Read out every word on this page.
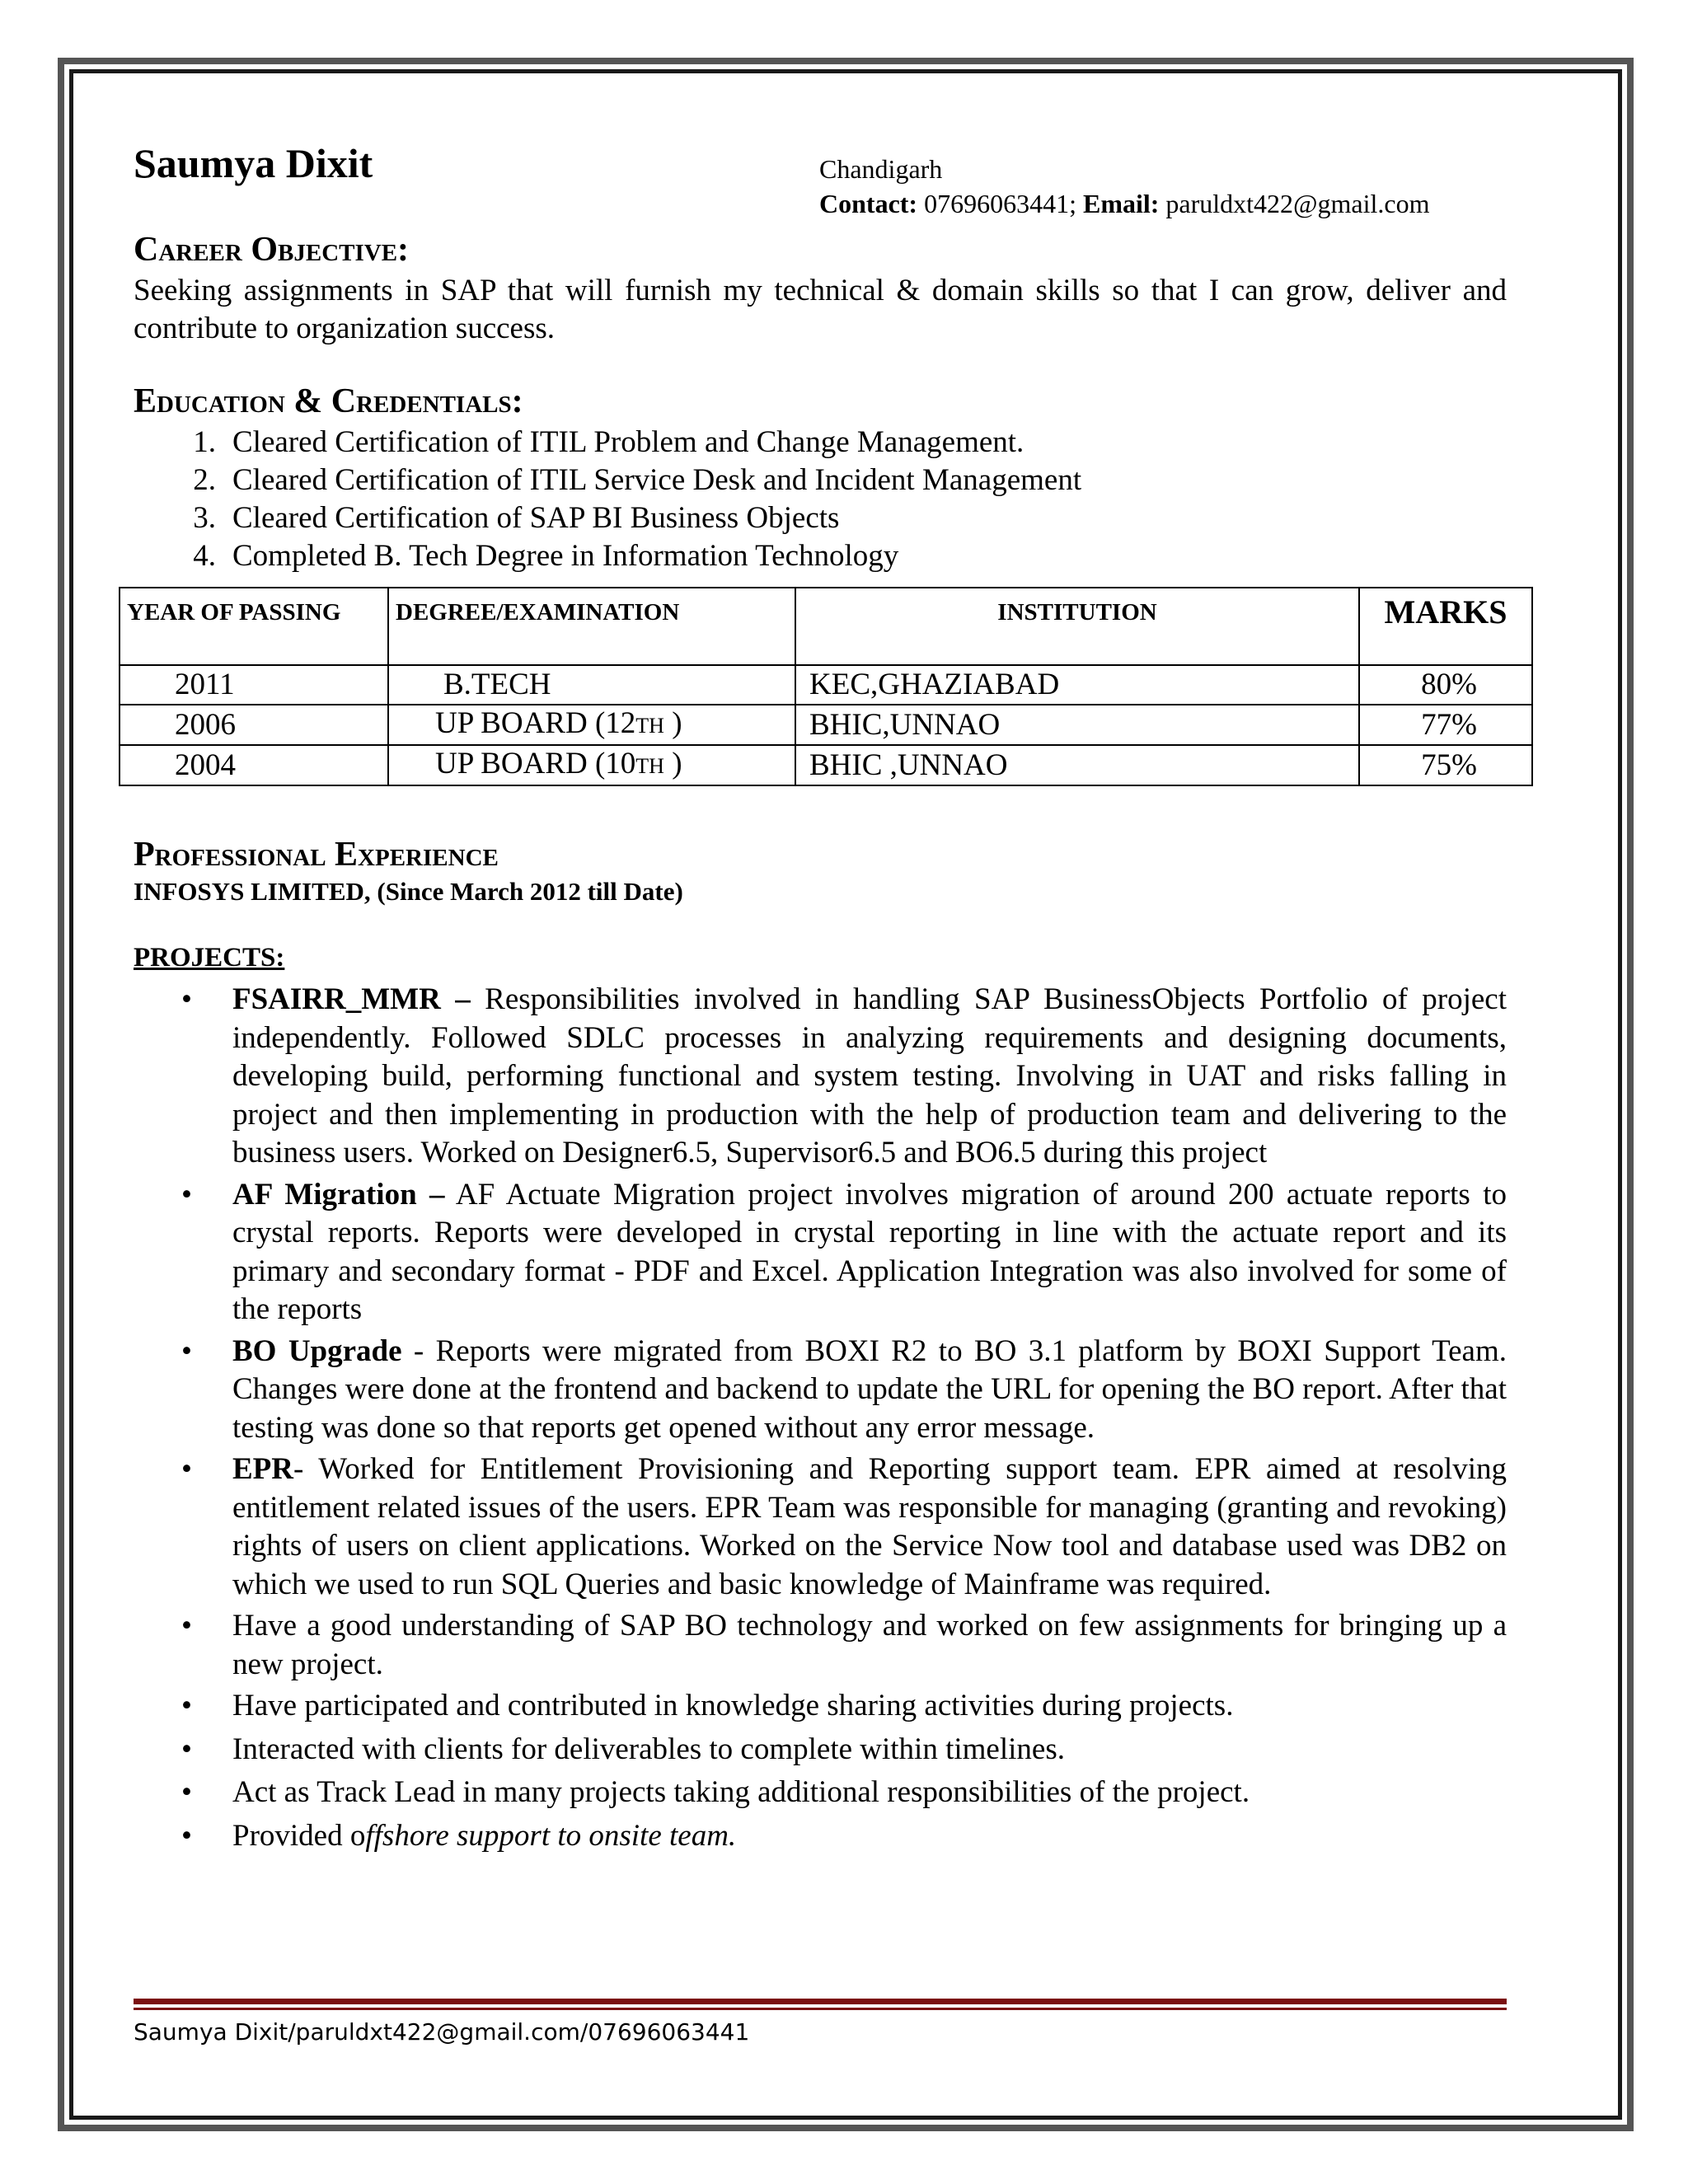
Saumya Dixit	Chandigarh
Contact: 07696063441; Email: paruldxt422@gmail.com
Career Objective:
Seeking assignments in SAP that will furnish my technical & domain skills so that I can grow, deliver and contribute to organization success.
Education & Credentials:
1. Cleared Certification of ITIL Problem and Change Management.
2. Cleared Certification of ITIL Service Desk and Incident Management
3. Cleared Certification of SAP BI Business Objects
4. Completed B. Tech Degree in Information Technology
YEAR OF PASSING	DEGREE/EXAMINATION	INSTITUTION	MARKS
2011	B.TECH	KEC,GHAZIABAD	80%
2006	UP BOARD (12TH )	BHIC,UNNAO	77%
2004	UP BOARD (10TH )	BHIC ,UNNAO	75%
Professional Experience
INFOSYS LIMITED, (Since March 2012 till Date)
PROJECTS:
• FSAIRR_MMR – Responsibilities involved in handling SAP BusinessObjects Portfolio of project independently. Followed SDLC processes in analyzing requirements and designing documents, developing build, performing functional and system testing. Involving in UAT and risks falling in project and then implementing in production with the help of production team and delivering to the business users. Worked on Designer6.5, Supervisor6.5 and BO6.5 during this project
• AF Migration – AF Actuate Migration project involves migration of around 200 actuate reports to crystal reports. Reports were developed in crystal reporting in line with the actuate report and its primary and secondary format - PDF and Excel. Application Integration was also involved for some of the reports
• BO Upgrade - Reports were migrated from BOXI R2 to BO 3.1 platform by BOXI Support Team. Changes were done at the frontend and backend to update the URL for opening the BO report. After that testing was done so that reports get opened without any error message.
• EPR- Worked for Entitlement Provisioning and Reporting support team. EPR aimed at resolving entitlement related issues of the users. EPR Team was responsible for managing (granting and revoking) rights of users on client applications. Worked on the Service Now tool and database used was DB2 on which we used to run SQL Queries and basic knowledge of Mainframe was required.
• Have a good understanding of SAP BO technology and worked on few assignments for bringing up a new project.
• Have participated and contributed in knowledge sharing activities during projects.
• Interacted with clients for deliverables to complete within timelines.
• Act as Track Lead in many projects taking additional responsibilities of the project.
• Provided offshore support to onsite team.
Saumya Dixit/paruldxt422@gmail.com/07696063441
